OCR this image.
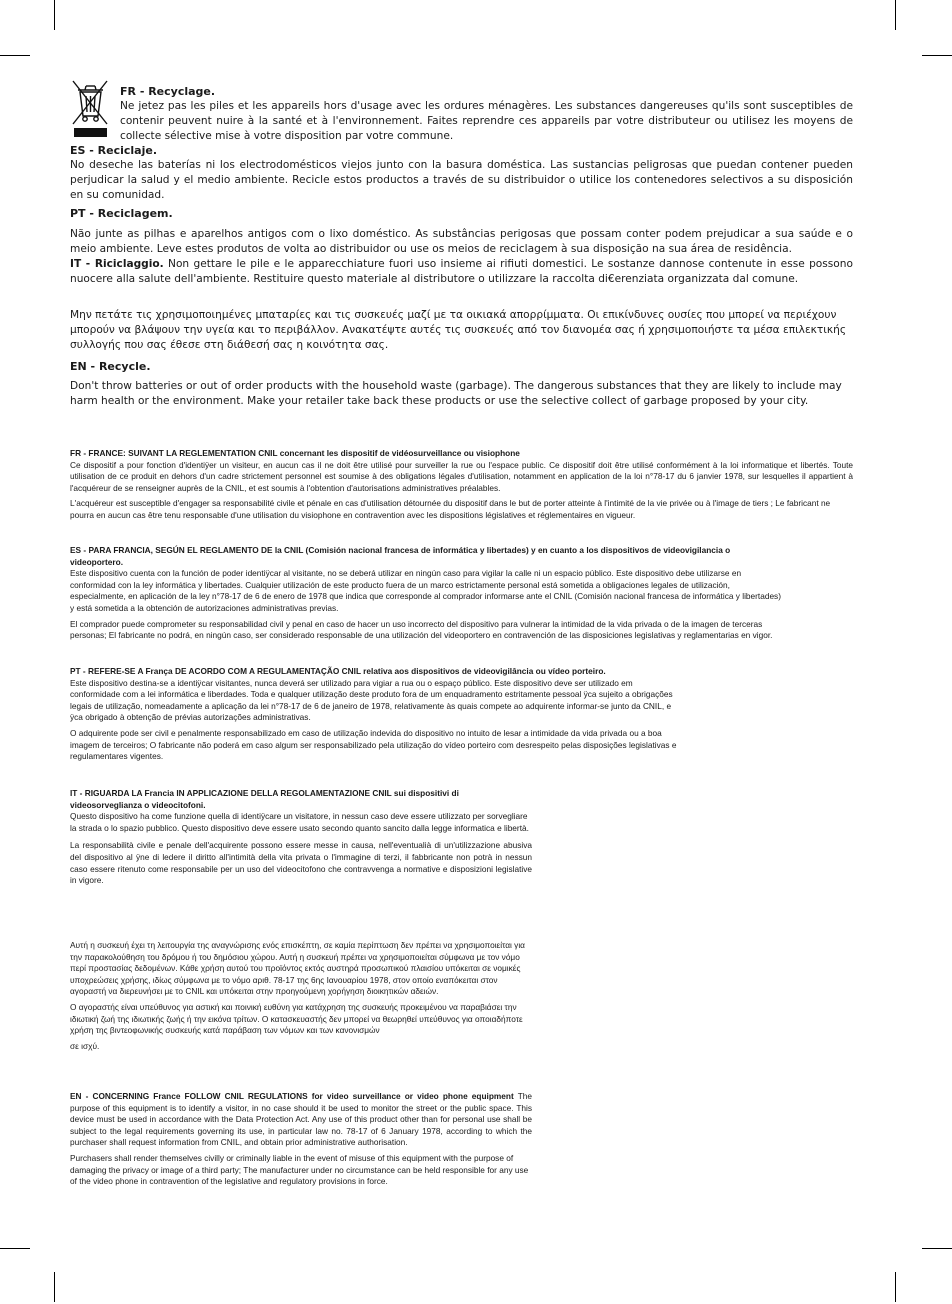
FR - Recyclage.

Ne jetez pas les piles et les appareils hors d'usage avec les ordures ménagères. Les substances dangereuses qu'ils sont susceptibles de contenir peuvent nuire à la santé et à l'environnement. Faites reprendre ces appareils par votre distributeur ou utilisez les moyens de collecte sélective mise à votre disposition par votre commune.

ES - Reciclaje.

No deseche las baterías ni los electrodomésticos viejos junto con la basura doméstica. Las sustancias peligrosas que puedan contener pueden perjudicar la salud y el medio ambiente. Recicle estos productos a través de su distribuidor o utilice los contenedores selectivos a su disposición en su comunidad.

PT - Reciclagem.

Não junte as pilhas e aparelhos antigos com o lixo doméstico. As substâncias perigosas que possam conter podem prejudicar a sua saúde e o meio ambiente. Leve estes produtos de volta ao distribuidor ou use os meios de reciclagem à sua disposição na sua área de residência.

IT - Riciclaggio. Non gettare le pile e le apparecchiature fuori uso insieme ai rifiuti domestici. Le sostanze dannose contenute in esse possono nuocere alla salute dell'ambiente. Restituire questo materiale al distributore o utilizzare la raccolta di€erenziata organizzata dal comune.

Μην πετάτε τις χρησιμοποιημένες μπαταρίες και τις συσκευές μαζί με τα οικιακά απορρίμματα. Οι επικίνδυνες ουσίες που μπορεί να περιέχουν μπορούν να βλάψουν την υγεία και το περιβάλλον. Ανακατέψτε αυτές τις συσκευές από τον διανομέα σας ή χρησιμοποιήστε τα μέσα επιλεκτικής συλλογής που σας έθεσε στη διάθεσή σας η κοινότητα σας.

EN - Recycle.

Don't throw batteries or out of order products with the household waste (garbage). The dangerous substances that they are likely to include may

harm health or the environment. Make your retailer take back these products or use the selective collect of garbage proposed by your city.

FR - FRANCE: SUIVANT LA REGLEMENTATION CNIL concernant les dispositif de vidéosurveillance ou visiophone

Ce dispositif a pour fonction d'identiÿer un visiteur, en aucun cas il ne doit être utilisé pour surveiller la rue ou l'espace public. Ce dispositif doit être utilisé conformément à la loi informatique et libertés. Toute utilisation de ce produit en dehors d'un cadre strictement personnel est soumise à des obligations légales d'utilisation, notamment en application de la loi n°78-17 du 6 janvier 1978, sur lesquelles il appartient à l'acquéreur de se renseigner auprès de la CNIL, et est soumis à l'obtention d'autorisations administratives préalables.

L'acquéreur est susceptible d'engager sa responsabilité civile et pénale en cas d'utilisation détournée du dispositif dans le but de porter atteinte à l'intimité de la vie privée ou à l'image de tiers ; Le fabricant ne pourra en aucun cas être tenu responsable d'une utilisation du visiophone en contravention avec les dispositions législatives et réglementaires en vigueur.

ES - PARA FRANCIA, SEGÚN EL REGLAMENTO DE la CNIL (Comisión nacional francesa de informática y libertades) y en cuanto a los dispositivos de videovigilancia o videoportero.

Este dispositivo cuenta con la función de poder identiÿcar al visitante, no se deberá utilizar en ningún caso para vigilar la calle ni un espacio público. Este dispositivo debe utilizarse en conformidad con la ley informática y libertades. Cualquier utilización de este producto fuera de un marco estrictamente personal está sometida a obligaciones legales de utilización, especialmente, en aplicación de la ley n°78-17 de 6 de enero de 1978 que indica que corresponde al comprador informarse ante el CNIL (Comisión nacional francesa de informática y libertades) y está sometida a la obtención de autorizaciones administrativas previas.

El comprador puede comprometer su responsabilidad civil y penal en caso de hacer un uso incorrecto del dispositivo para vulnerar la intimidad de la vida privada o de la imagen de terceras personas; El fabricante no podrá, en ningún caso, ser considerado responsable de una utilización del videoportero en contravención de las disposiciones legislativas y reglamentarias en vigor.

PT - REFERE-SE A França DE ACORDO COM A REGULAMENTAÇÃO CNIL relativa aos dispositivos de videovigilância ou vídeo porteiro.

Este dispositivo destina-se a identiÿcar visitantes, nunca deverá ser utilizado para vigiar a rua ou o espaço público. Este dispositivo deve ser utilizado em conformidade com a lei informática e liberdades. Toda e qualquer utilização deste produto fora de um enquadramento estritamente pessoal ÿca sujeito a obrigações legais de utilização, nomeadamente a aplicação da lei n°78-17 de 6 de janeiro de 1978, relativamente às quais compete ao adquirente informar-se junto da CNIL, e ÿca obrigado à obtenção de prévias autorizações administrativas.

O adquirente pode ser civil e penalmente responsabilizado em caso de utilização indevida do dispositivo no intuito de lesar a intimidade da vida privada ou a boa imagem de terceiros; O fabricante não poderá em caso algum ser responsabilizado pela utilização do vídeo porteiro com desrespeito pelas disposições legislativas e regulamentares vigentes.

IT - RIGUARDA LA Francia IN APPLICAZIONE DELLA REGOLAMENTAZIONE CNIL sui dispositivi di videosorveglianza o videocitofoni.

Questo dispositivo ha come funzione quella di identiÿcare un visitatore, in nessun caso deve essere utilizzato per sorvegliare la strada o lo spazio pubblico. Questo dispositivo deve essere usato secondo quanto sancito dalla legge informatica e libertà.

La responsabilità civile e penale dell'acquirente possono essere messe in causa, nell'eventualià di un'utilizzazione abusiva del dispositivo al ÿne di ledere il diritto all'intimità della vita privata o l'immagine di terzi, il fabbricante non potrà in nessun caso essere ritenuto come responsabile per un uso del videocitofono che contravvenga a normative e disposizioni legislative in vigore.

Αυτή η συσκευή έχει τη λειτουργία της αναγνώρισης ενός επισκέπτη, σε καμία περίπτωση δεν πρέπει να χρησιμοποιείται για την παρακολούθηση του δρόμου ή του δημόσιου χώρου. Αυτή η συσκευή πρέπει να χρησιμοποιείται σύμφωνα με τον νόμο περί προστασίας δεδομένων. Κάθε χρήση αυτού του προϊόντος εκτός αυστηρά προσωπικού πλαισίου υπόκειται σε νομικές υποχρεώσεις χρήσης, ιδίως σύμφωνα με το νόμο αριθ. 78-17 της 6ης Ιανουαρίου 1978, στον οποίο εναπόκειται στον αγοραστή να διερευνήσει με το CNIL και υπόκειται στην προηγούμενη χορήγηση διοικητικών αδειών.

Ο αγοραστής είναι υπεύθυνος για αστική και ποινική ευθύνη για κατάχρηση της συσκευής προκειμένου να παραβιάσει την ιδιωτική ζωή της ιδιωτικής ζωής ή την εικόνα τρίτων. Ο κατασκευαστής δεν μπορεί να θεωρηθεί υπεύθυνος για οποιαδήποτε χρήση της βιντεοφωνικής συσκευής κατά παράβαση των νόμων και των κανονισμών

σε ισχύ.

EN - CONCERNING France FOLLOW CNIL REGULATIONS for video surveillance or video phone equipment The purpose of this equipment is to identify a visitor, in no case should it be used to monitor the street or the public space. This device must be used in accordance with the Data Protection Act. Any use of this product other than for personal use shall be subject to the legal requirements governing its use, in particular law no. 78-17 of 6 January 1978, according to which the purchaser shall request information from CNIL, and obtain prior administrative authorisation.

Purchasers shall render themselves civilly or criminally liable in the event of misuse of this equipment with the purpose of damaging the privacy or image of a third party; The manufacturer under no circumstance can be held responsible for any use of the video phone in contravention of the legislative and regulatory provisions in force.
